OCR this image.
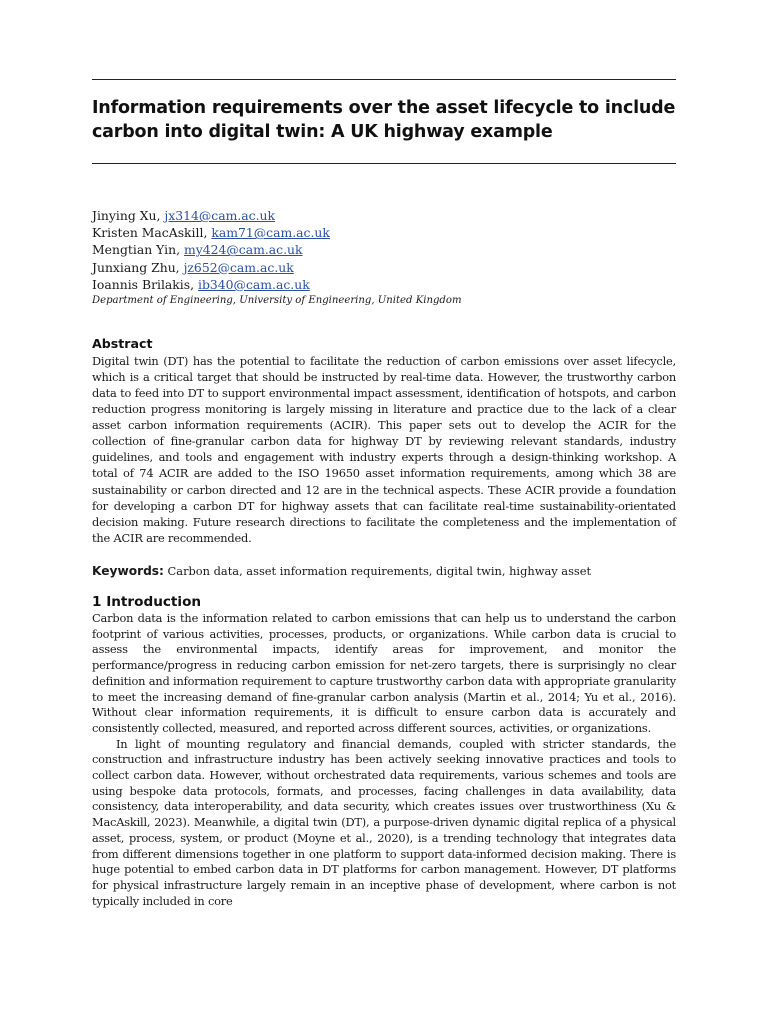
Information requirements over the asset lifecycle to include carbon into digital twin: A UK highway example
Jinying Xu, jx314@cam.ac.uk
Kristen MacAskill, kam71@cam.ac.uk
Mengtian Yin, my424@cam.ac.uk
Junxiang Zhu, jz652@cam.ac.uk
Ioannis Brilakis, ib340@cam.ac.uk
Department of Engineering, University of Engineering, United Kingdom
Abstract

Digital twin (DT) has the potential to facilitate the reduction of carbon emissions over asset lifecycle, which is a critical target that should be instructed by real-time data. However, the trustworthy carbon data to feed into DT to support environmental impact assessment, identification of hotspots, and carbon reduction progress monitoring is largely missing in literature and practice due to the lack of a clear asset carbon information requirements (ACIR). This paper sets out to develop the ACIR for the collection of fine-granular carbon data for highway DT by reviewing relevant standards, industry guidelines, and tools and engagement with industry experts through a design-thinking workshop. A total of 74 ACIR are added to the ISO 19650 asset information requirements, among which 38 are sustainability or carbon directed and 12 are in the technical aspects. These ACIR provide a foundation for developing a carbon DT for highway assets that can facilitate real-time sustainability-orientated decision making. Future research directions to facilitate the completeness and the implementation of the ACIR are recommended.

Keywords: Carbon data, asset information requirements, digital twin, highway asset

1 Introduction

Carbon data is the information related to carbon emissions that can help us to understand the carbon footprint of various activities, processes, products, or organizations. While carbon data is crucial to assess the environmental impacts, identify areas for improvement, and monitor the performance/progress in reducing carbon emission for net-zero targets, there is surprisingly no clear definition and information requirement to capture trustworthy carbon data with appropriate granularity to meet the increasing demand of fine-granular carbon analysis (Martin et al., 2014; Yu et al., 2016). Without clear information requirements, it is difficult to ensure carbon data is accurately and consistently collected, measured, and reported across different sources, activities, or organizations.

In light of mounting regulatory and financial demands, coupled with stricter standards, the construction and infrastructure industry has been actively seeking innovative practices and tools to collect carbon data. However, without orchestrated data requirements, various schemes and tools are using bespoke data protocols, formats, and processes, facing challenges in data availability, data consistency, data interoperability, and data security, which creates issues over trustworthiness (Xu & MacAskill, 2023). Meanwhile, a digital twin (DT), a purpose-driven dynamic digital replica of a physical asset, process, system, or product (Moyne et al., 2020), is a trending technology that integrates data from different dimensions together in one platform to support data-informed decision making. There is huge potential to embed carbon data in DT platforms for carbon management. However, DT platforms for physical infrastructure largely remain in an inceptive phase of development, where carbon is not typically included in core
